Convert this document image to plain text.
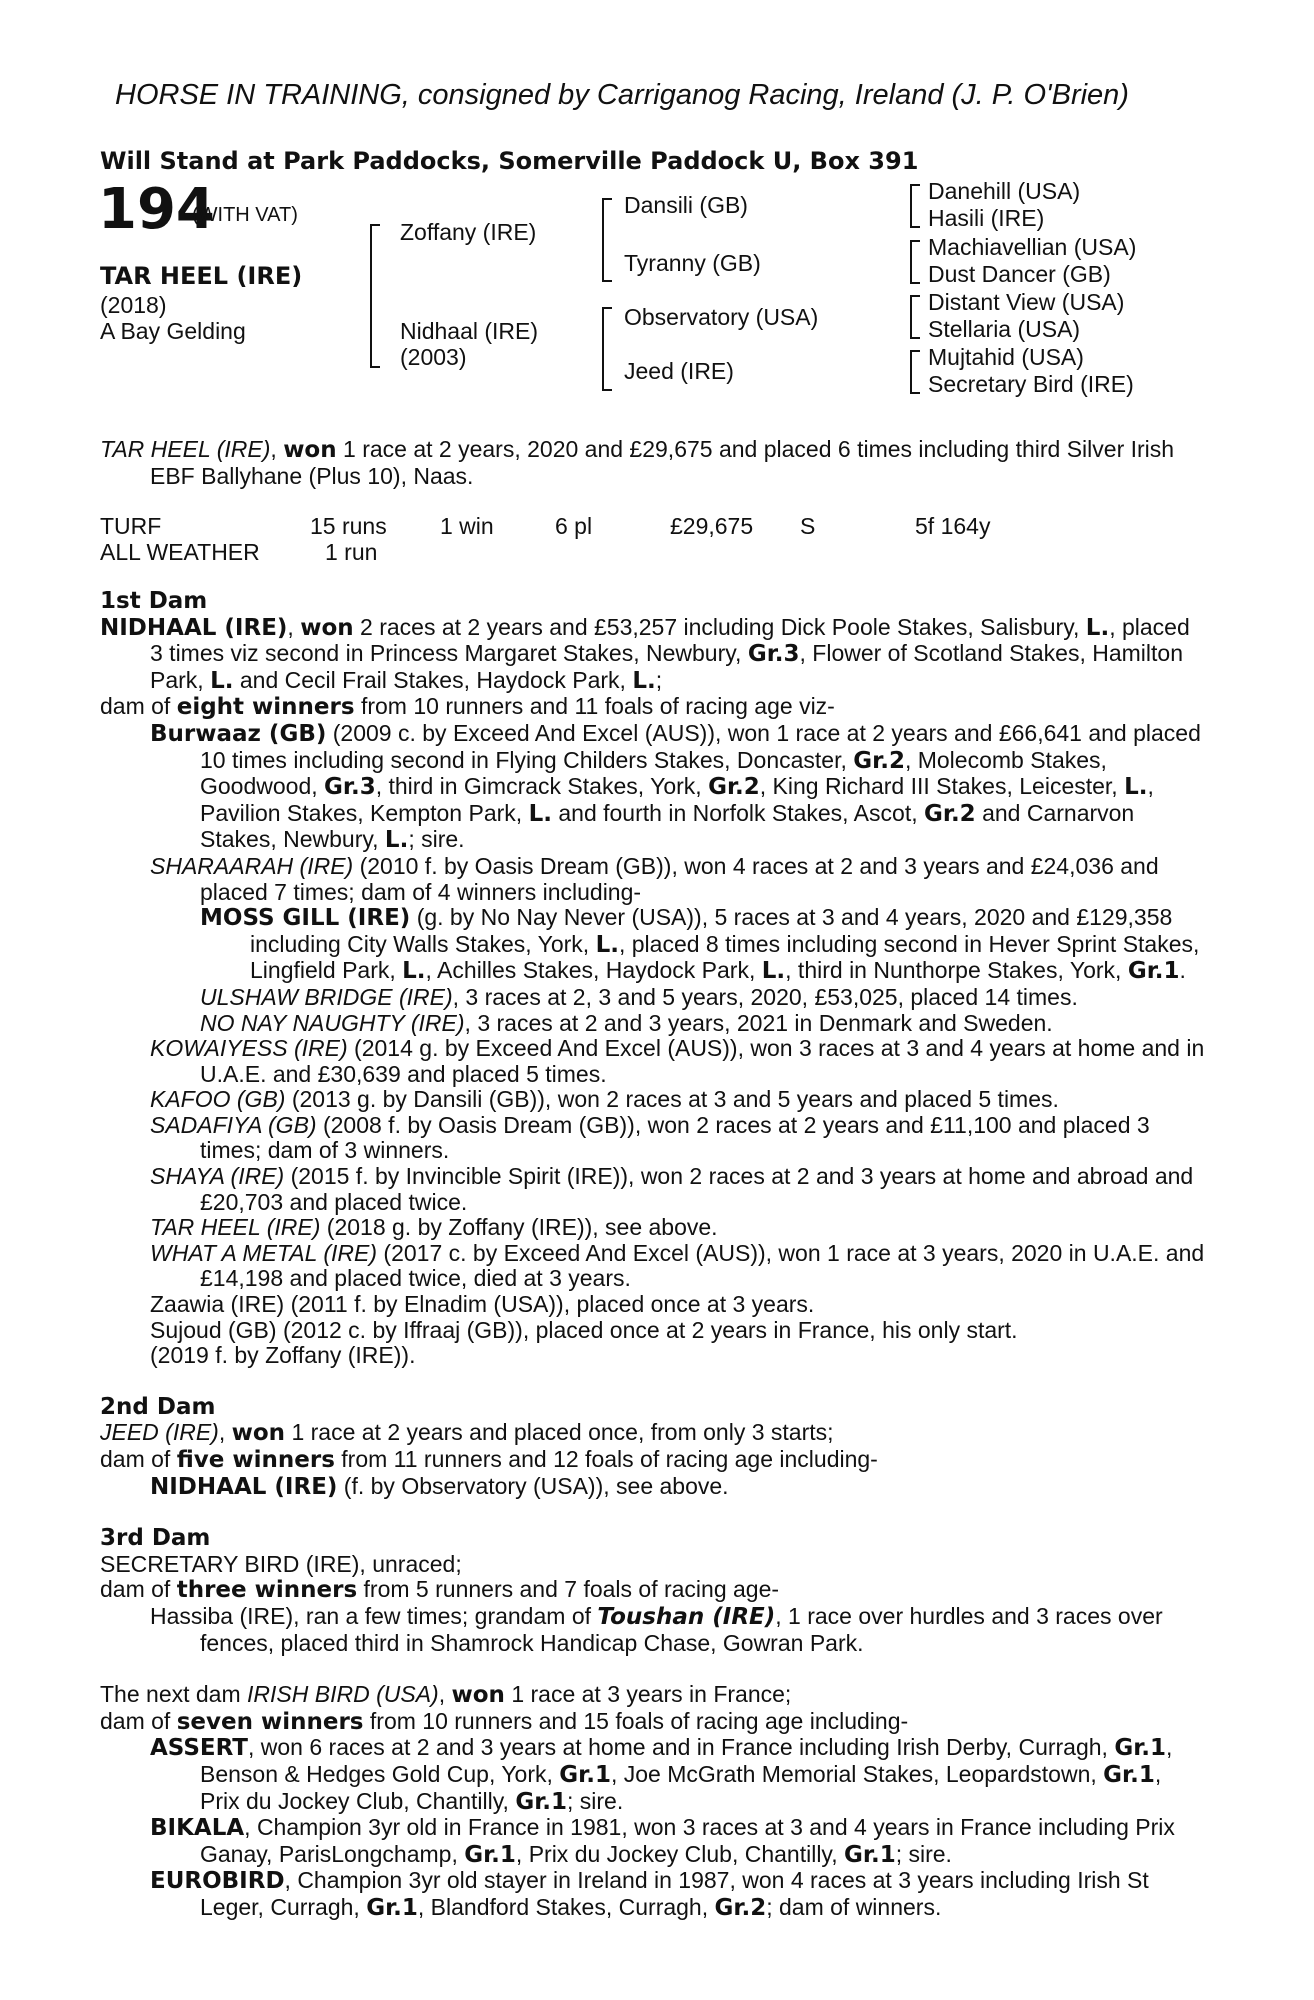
HORSE IN TRAINING, consigned by Carriganog Racing, Ireland (J. P. O'Brien)
Will Stand at Park Paddocks, Somerville Paddock U, Box 391
194
(WITH VAT)
TAR HEEL (IRE)
(2018)
A Bay Gelding
Zoffany (IRE)
Nidhaal (IRE)
(2003)
Dansili (GB)
Tyranny (GB)
Observatory (USA)
Jeed (IRE)
Danehill (USA)
Hasili (IRE)
Machiavellian (USA)
Dust Dancer (GB)
Distant View (USA)
Stellaria (USA)
Mujtahid (USA)
Secretary Bird (IRE)

TAR HEEL (IRE), won 1 race at 2 years, 2020 and £29,675 and placed 6 times including third Silver Irish EBF Ballyhane (Plus 10), Naas.

TURF	15 runs 1 win	6 pl	£29,675 S	5f 164y
ALL WEATHER	1 run

1st Dam

NIDHAAL (IRE), won 2 races at 2 years and £53,257 including Dick Poole Stakes, Salisbury, L., placed 3 times viz second in Princess Margaret Stakes, Newbury, Gr.3, Flower of Scotland Stakes, Hamilton Park, L. and Cecil Frail Stakes, Haydock Park, L.;

dam of eight winners from 10 runners and 11 foals of racing age viz-

Burwaaz (GB) (2009 c. by Exceed And Excel (AUS)), won 1 race at 2 years and £66,641 and placed 10 times including second in Flying Childers Stakes, Doncaster, Gr.2, Molecomb Stakes, Goodwood, Gr.3, third in Gimcrack Stakes, York, Gr.2, King Richard III Stakes, Leicester, L., Pavilion Stakes, Kempton Park, L. and fourth in Norfolk Stakes, Ascot, Gr.2 and Carnarvon Stakes, Newbury, L.; sire.

SHARAARAH (IRE) (2010 f. by Oasis Dream (GB)), won 4 races at 2 and 3 years and £24,036 and placed 7 times; dam of 4 winners including-

MOSS GILL (IRE) (g. by No Nay Never (USA)), 5 races at 3 and 4 years, 2020 and £129,358 including City Walls Stakes, York, L., placed 8 times including second in Hever Sprint Stakes, Lingfield Park, L., Achilles Stakes, Haydock Park, L., third in Nunthorpe Stakes, York, Gr.1.

ULSHAW BRIDGE (IRE), 3 races at 2, 3 and 5 years, 2020, £53,025, placed 14 times.

NO NAY NAUGHTY (IRE), 3 races at 2 and 3 years, 2021 in Denmark and Sweden.

KOWAIYESS (IRE) (2014 g. by Exceed And Excel (AUS)), won 3 races at 3 and 4 years at home and in U.A.E. and £30,639 and placed 5 times.

KAFOO (GB) (2013 g. by Dansili (GB)), won 2 races at 3 and 5 years and placed 5 times.

SADAFIYA (GB) (2008 f. by Oasis Dream (GB)), won 2 races at 2 years and £11,100 and placed 3 times; dam of 3 winners.

SHAYA (IRE) (2015 f. by Invincible Spirit (IRE)), won 2 races at 2 and 3 years at home and abroad and £20,703 and placed twice.

TAR HEEL (IRE) (2018 g. by Zoffany (IRE)), see above.

WHAT A METAL (IRE) (2017 c. by Exceed And Excel (AUS)), won 1 race at 3 years, 2020 in U.A.E. and £14,198 and placed twice, died at 3 years.

Zaawia (IRE) (2011 f. by Elnadim (USA)), placed once at 3 years.

Sujoud (GB) (2012 c. by Iffraaj (GB)), placed once at 2 years in France, his only start.

(2019 f. by Zoffany (IRE)).

2nd Dam

JEED (IRE), won 1 race at 2 years and placed once, from only 3 starts;

dam of five winners from 11 runners and 12 foals of racing age including-

NIDHAAL (IRE) (f. by Observatory (USA)), see above.

3rd Dam

SECRETARY BIRD (IRE), unraced;

dam of three winners from 5 runners and 7 foals of racing age-

Hassiba (IRE), ran a few times; grandam of Toushan (IRE), 1 race over hurdles and 3 races over fences, placed third in Shamrock Handicap Chase, Gowran Park.

The next dam IRISH BIRD (USA), won 1 race at 3 years in France;

dam of seven winners from 10 runners and 15 foals of racing age including-

ASSERT, won 6 races at 2 and 3 years at home and in France including Irish Derby, Curragh, Gr.1, Benson & Hedges Gold Cup, York, Gr.1, Joe McGrath Memorial Stakes, Leopardstown, Gr.1, Prix du Jockey Club, Chantilly, Gr.1; sire.

BIKALA, Champion 3yr old in France in 1981, won 3 races at 3 and 4 years in France including Prix Ganay, ParisLongchamp, Gr.1, Prix du Jockey Club, Chantilly, Gr.1; sire.

EUROBIRD, Champion 3yr old stayer in Ireland in 1987, won 4 races at 3 years including Irish St Leger, Curragh, Gr.1, Blandford Stakes, Curragh, Gr.2; dam of winners.
